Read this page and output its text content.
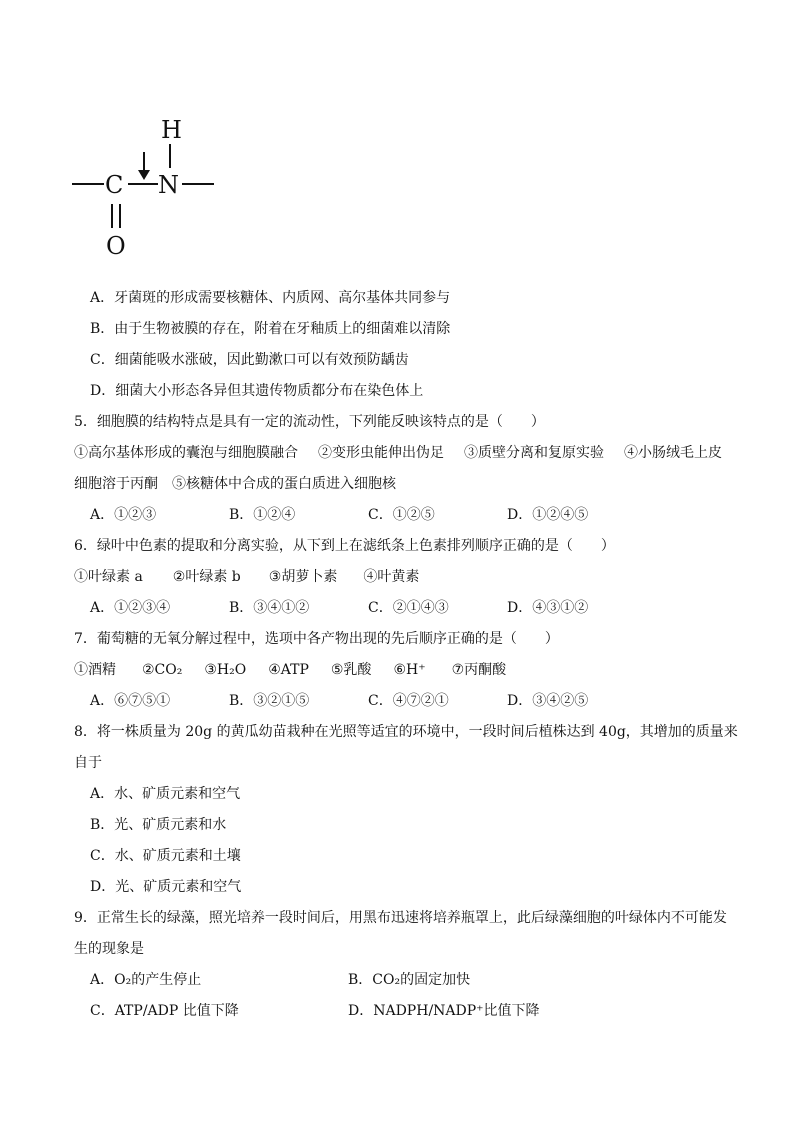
H
C N
O
A．牙菌斑的形成需要核糖体、内质网、高尔基体共同参与
B．由于生物被膜的存在，附着在牙釉质上的细菌难以清除
C．细菌能吸水涨破，因此勤漱口可以有效预防龋齿
D．细菌大小形态各异但其遗传物质都分布在染色体上
5．细胞膜的结构特点是具有一定的流动性，下列能反映该特点的是（　　）
①高尔基体形成的囊泡与细胞膜融合 ②变形虫能伸出伪足 ③质壁分离和复原实验 ④小肠绒毛上皮
细胞溶于丙酮 ⑤核糖体中合成的蛋白质进入细胞核
A．①②③	B．①②④	C．①②⑤	D．①②④⑤
6．绿叶中色素的提取和分离实验，从下到上在滤纸条上色素排列顺序正确的是（　　）
①叶绿素 a ②叶绿素 b ③胡萝卜素 ④叶黄素
A．①②③④	B．③④①②	C．②①④③	D．④③①②
7．葡萄糖的无氧分解过程中，选项中各产物出现的先后顺序正确的是（　　）
①酒精 ②CO₂ ③H₂O ④ATP ⑤乳酸 ⑥H⁺ ⑦丙酮酸
A．⑥⑦⑤①	B．③②①⑤	C．④⑦②①	D．③④②⑤
8．将一株质量为 20g 的黄瓜幼苗栽种在光照等适宜的环境中，一段时间后植株达到 40g，其增加的质量来
自于
A．水、矿质元素和空气
B．光、矿质元素和水
C．水、矿质元素和土壤
D．光、矿质元素和空气
9．正常生长的绿藻，照光培养一段时间后，用黑布迅速将培养瓶罩上，此后绿藻细胞的叶绿体内不可能发
生的现象是
A．O₂的产生停止	B．CO₂的固定加快
C．ATP/ADP 比值下降	D．NADPH/NADP⁺比值下降
